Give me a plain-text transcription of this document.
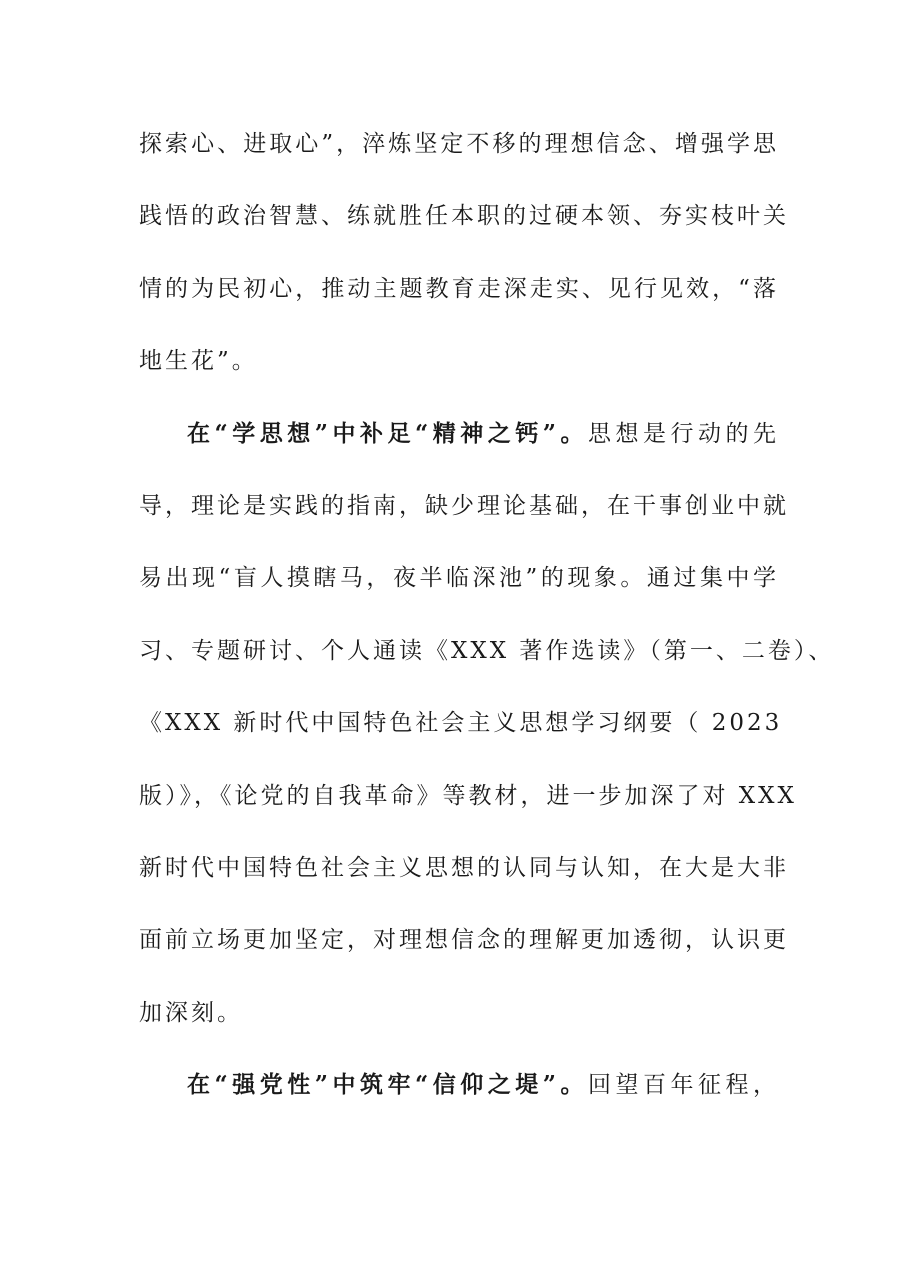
探索心、进取心”，淬炼坚定不移的理想信念、增强学思
践悟的政治智慧、练就胜任本职的过硬本领、夯实枝叶关
情的为民初心，推动主题教育走深走实、见行见效，“落
地生花”。
在“学思想”中补足“精神之钙”。思想是行动的先
导，理论是实践的指南，缺少理论基础，在干事创业中就
易出现“盲人摸瞎马，夜半临深池”的现象。通过集中学
习、专题研讨、个人通读《XXX 著作选读》（第一、二卷）、
《XXX 新时代中国特色社会主义思想学习纲要（ 2023
版）》，《论党的自我革命》等教材，进一步加深了对 XXX
新时代中国特色社会主义思想的认同与认知，在大是大非
面前立场更加坚定，对理想信念的理解更加透彻，认识更
加深刻。
在“强党性”中筑牢“信仰之堤”。回望百年征程，
